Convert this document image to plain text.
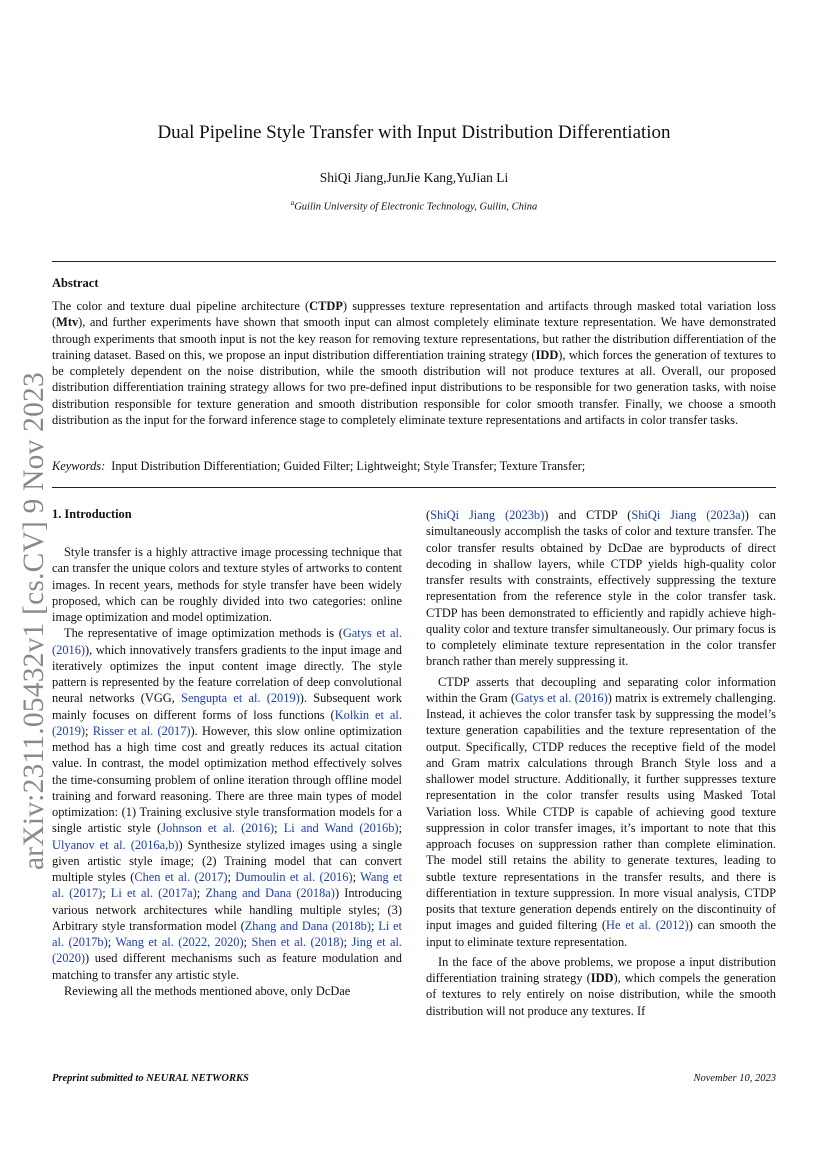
arXiv:2311.05432v1 [cs.CV] 9 Nov 2023
Dual Pipeline Style Transfer with Input Distribution Differentiation
ShiQi Jiang,JunJie Kang,YuJian Li
$^a$Guilin University of Electronic Technology, Guilin, China
Abstract
The color and texture dual pipeline architecture (CTDP) suppresses texture representation and artifacts through masked total variation loss (Mtv), and further experiments have shown that smooth input can almost completely eliminate texture representation. We have demonstrated through experiments that smooth input is not the key reason for removing texture representations, but rather the distribution differentiation of the training dataset. Based on this, we propose an input distribution differentiation training strategy (IDD), which forces the generation of textures to be completely dependent on the noise distribution, while the smooth distribution will not produce textures at all. Overall, our proposed distribution differentiation training strategy allows for two pre-defined input distributions to be responsible for two generation tasks, with noise distribution responsible for texture generation and smooth distribution responsible for color smooth transfer. Finally, we choose a smooth distribution as the input for the forward inference stage to completely eliminate texture representations and artifacts in color transfer tasks.
Keywords: Input Distribution Differentiation; Guided Filter; Lightweight; Style Transfer; Texture Transfer;
1. Introduction

Style transfer is a highly attractive image processing technique that can transfer the unique colors and texture styles of artworks to content images. In recent years, methods for style transfer have been widely proposed, which can be roughly divided into two categories: online image optimization and model optimization.

The representative of image optimization methods is (Gatys et al. (2016)), which innovatively transfers gradients to the input image and iteratively optimizes the input content image directly. The style pattern is represented by the feature correlation of deep convolutional neural networks (VGG, Sengupta et al. (2019)). Subsequent work mainly focuses on different forms of loss functions (Kolkin et al. (2019); Risser et al. (2017)). However, this slow online optimization method has a high time cost and greatly reduces its actual citation value. In contrast, the model optimization method effectively solves the time-consuming problem of online iteration through offline model training and forward reasoning. There are three main types of model optimization: (1) Training exclusive style transformation models for a single artistic style (Johnson et al. (2016); Li and Wand (2016b); Ulyanov et al. (2016a,b)) Synthesize stylized images using a single given artistic style image; (2) Training model that can convert multiple styles (Chen et al. (2017); Dumoulin et al. (2016); Wang et al. (2017); Li et al. (2017a); Zhang and Dana (2018a)) Introducing various network architectures while handling multiple styles; (3) Arbitrary style transformation model (Zhang and Dana (2018b); Li et al. (2017b); Wang et al. (2022, 2020); Shen et al. (2018); Jing et al. (2020)) used different mechanisms such as feature modulation and matching to transfer any artistic style.

Reviewing all the methods mentioned above, only DcDae

(ShiQi Jiang (2023b)) and CTDP (ShiQi Jiang (2023a)) can simultaneously accomplish the tasks of color and texture transfer. The color transfer results obtained by DcDae are byproducts of direct decoding in shallow layers, while CTDP yields high-quality color transfer results with constraints, effectively suppressing the texture representation from the reference style in the color transfer task. CTDP has been demonstrated to efficiently and rapidly achieve high-quality color and texture transfer simultaneously. Our primary focus is to completely eliminate texture representation in the color transfer branch rather than merely suppressing it.

CTDP asserts that decoupling and separating color information within the Gram (Gatys et al. (2016)) matrix is extremely challenging. Instead, it achieves the color transfer task by suppressing the model’s texture generation capabilities and the texture representation of the output. Specifically, CTDP reduces the receptive field of the model and Gram matrix calculations through Branch Style loss and a shallower model structure. Additionally, it further suppresses texture representation in the color transfer results using Masked Total Variation loss. While CTDP is capable of achieving good texture suppression in color transfer images, it’s important to note that this approach focuses on suppression rather than complete elimination. The model still retains the ability to generate textures, leading to subtle texture representations in the transfer results, and there is differentiation in texture suppression. In more visual analysis, CTDP posits that texture generation depends entirely on the discontinuity of input images and guided filtering (He et al. (2012)) can smooth the input to eliminate texture representation.

In the face of the above problems, we propose a input distribution differentiation training strategy (IDD), which compels the generation of textures to rely entirely on noise distribution, while the smooth distribution will not produce any textures. If

Preprint submitted to NEURAL NETWORKS	November 10, 2023
